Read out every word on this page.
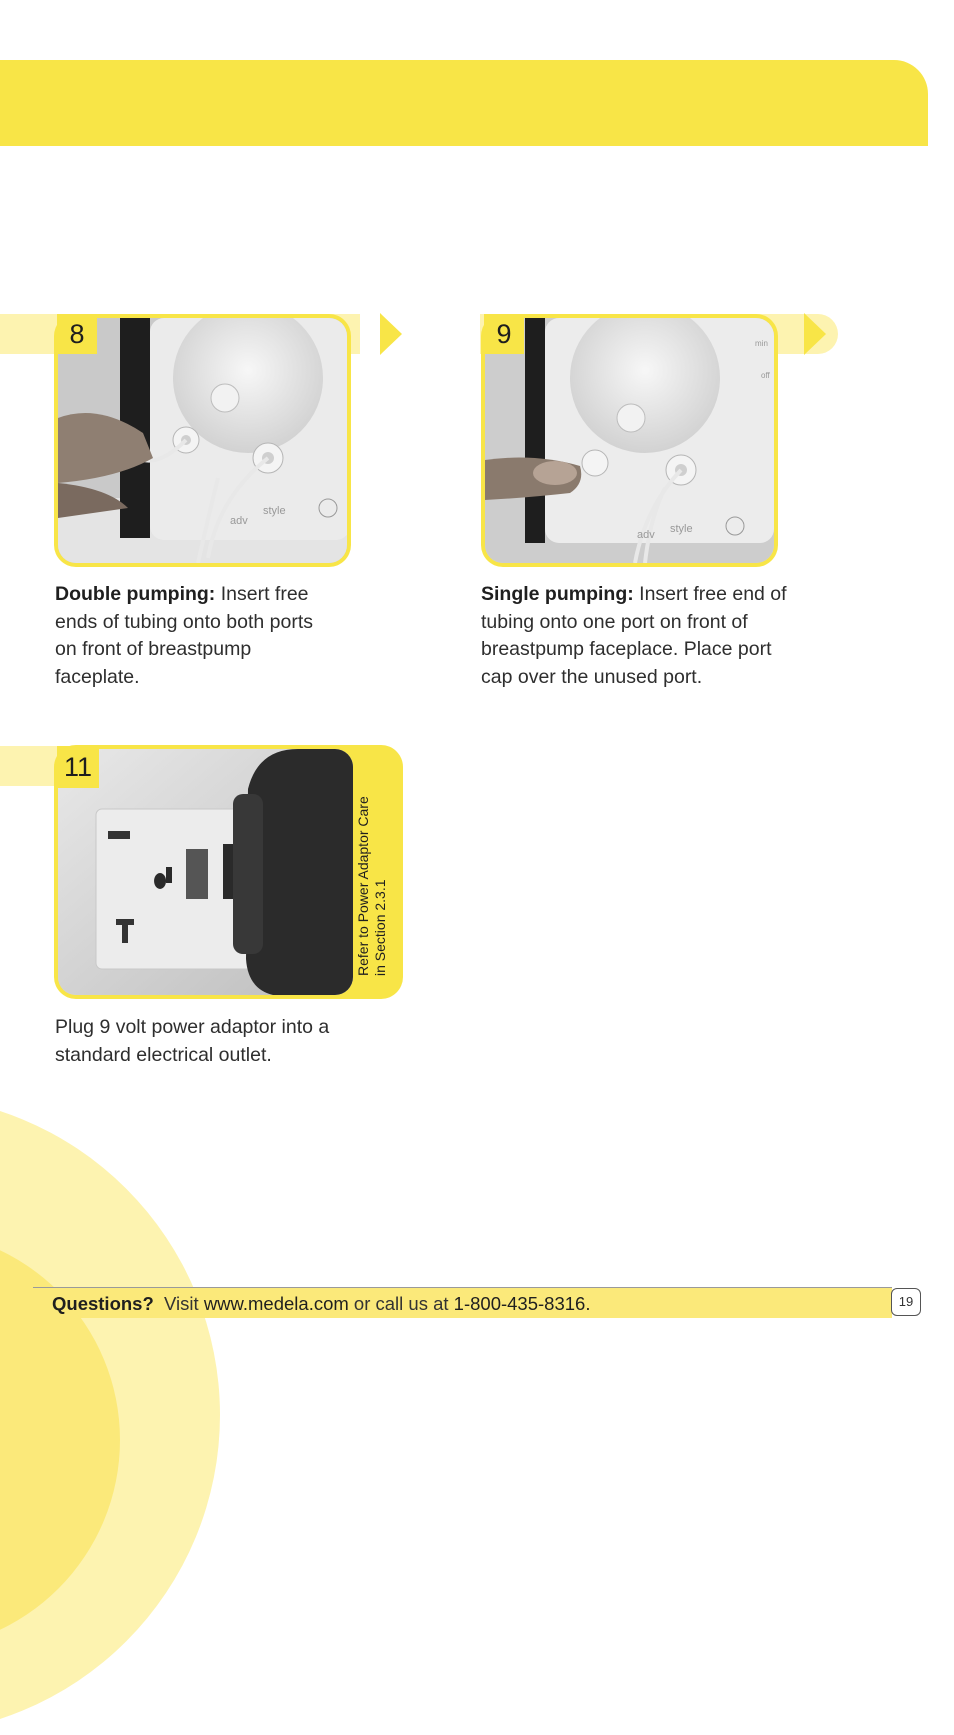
style
adv
8
Double pumping: Insert free ends of tubing onto both ports on front of breastpump faceplate.
min
off
style
adv
9
Single pumping: Insert free end of tubing onto one port on front of breastpump faceplace. Place port cap over the unused port.
Refer to Power Adaptor Care in Section 2.3.1
11
Plug 9 volt power adaptor into a standard electrical outlet.
Questions? Visit www.medela.com or call us at 1-800-435-8316.	19
